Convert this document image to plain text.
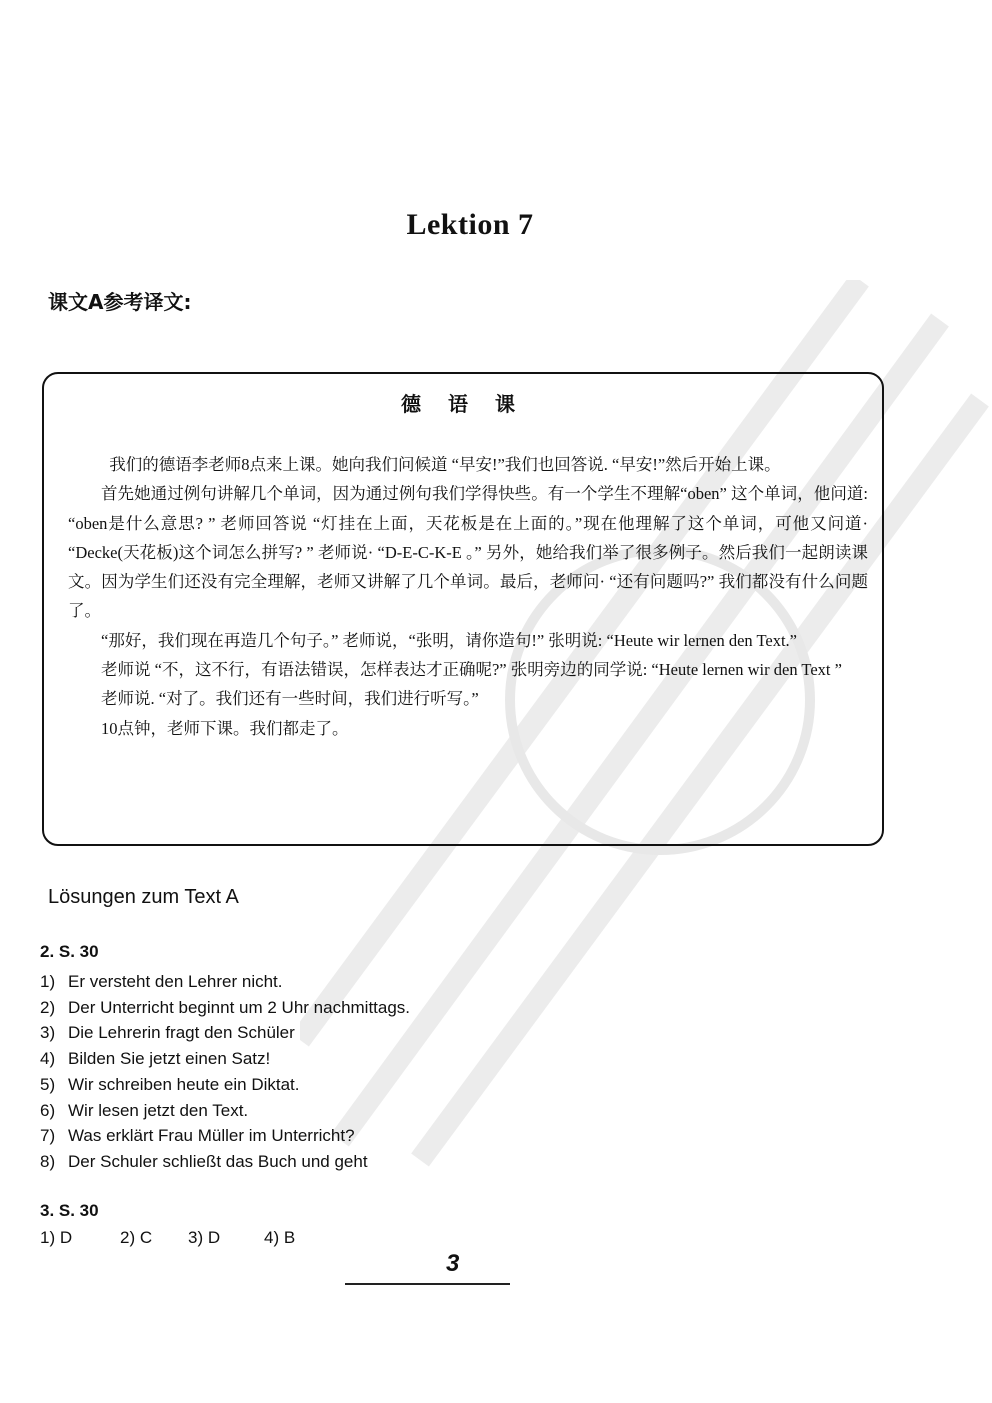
Lektion 7
课文A参考译文:
德 语 课

我们的德语李老师8点来上课。她向我们问候道 “早安!”我们也回答说. “早安!”然后开始上课。

首先她通过例句讲解几个单词，因为通过例句我们学得快些。有一个学生不理解“oben” 这个单词，他问道: “oben是什么意思? ” 老师回答说 “灯挂在上面，天花板是在上面的。”现在他理解了这个单词，可他又问道· “Decke(天花板)这个词怎么拼写? ” 老师说· “D-E-C-K-E 。” 另外，她给我们举了很多例子。然后我们一起朗读课文。因为学生们还没有完全理解，老师又讲解了几个单词。最后，老师问· “还有问题吗?” 我们都没有什么问题了。

“那好，我们现在再造几个句子。” 老师说，“张明，请你造句!” 张明说: “Heute wir lernen den Text.”

老师说 “不，这不行，有语法错误，怎样表达才正确呢?” 张明旁边的同学说: “Heute lernen wir den Text ”

老师说. “对了。我们还有一些时间，我们进行听写。”

10点钟，老师下课。我们都走了。

Lösungen zum Text A
2. S. 30
1) Er versteht den Lehrer nicht.
2) Der Unterricht beginnt um 2 Uhr nachmittags.
3) Die Lehrerin fragt den Schüler
4) Bilden Sie jetzt einen Satz!
5) Wir schreiben heute ein Diktat.
6) Wir lesen jetzt den Text.
7) Was erklärt Frau Müller im Unterricht?
8) Der Schuler schließt das Buch und geht
3. S. 30
1) D	2) C	3) D	4) B
3
